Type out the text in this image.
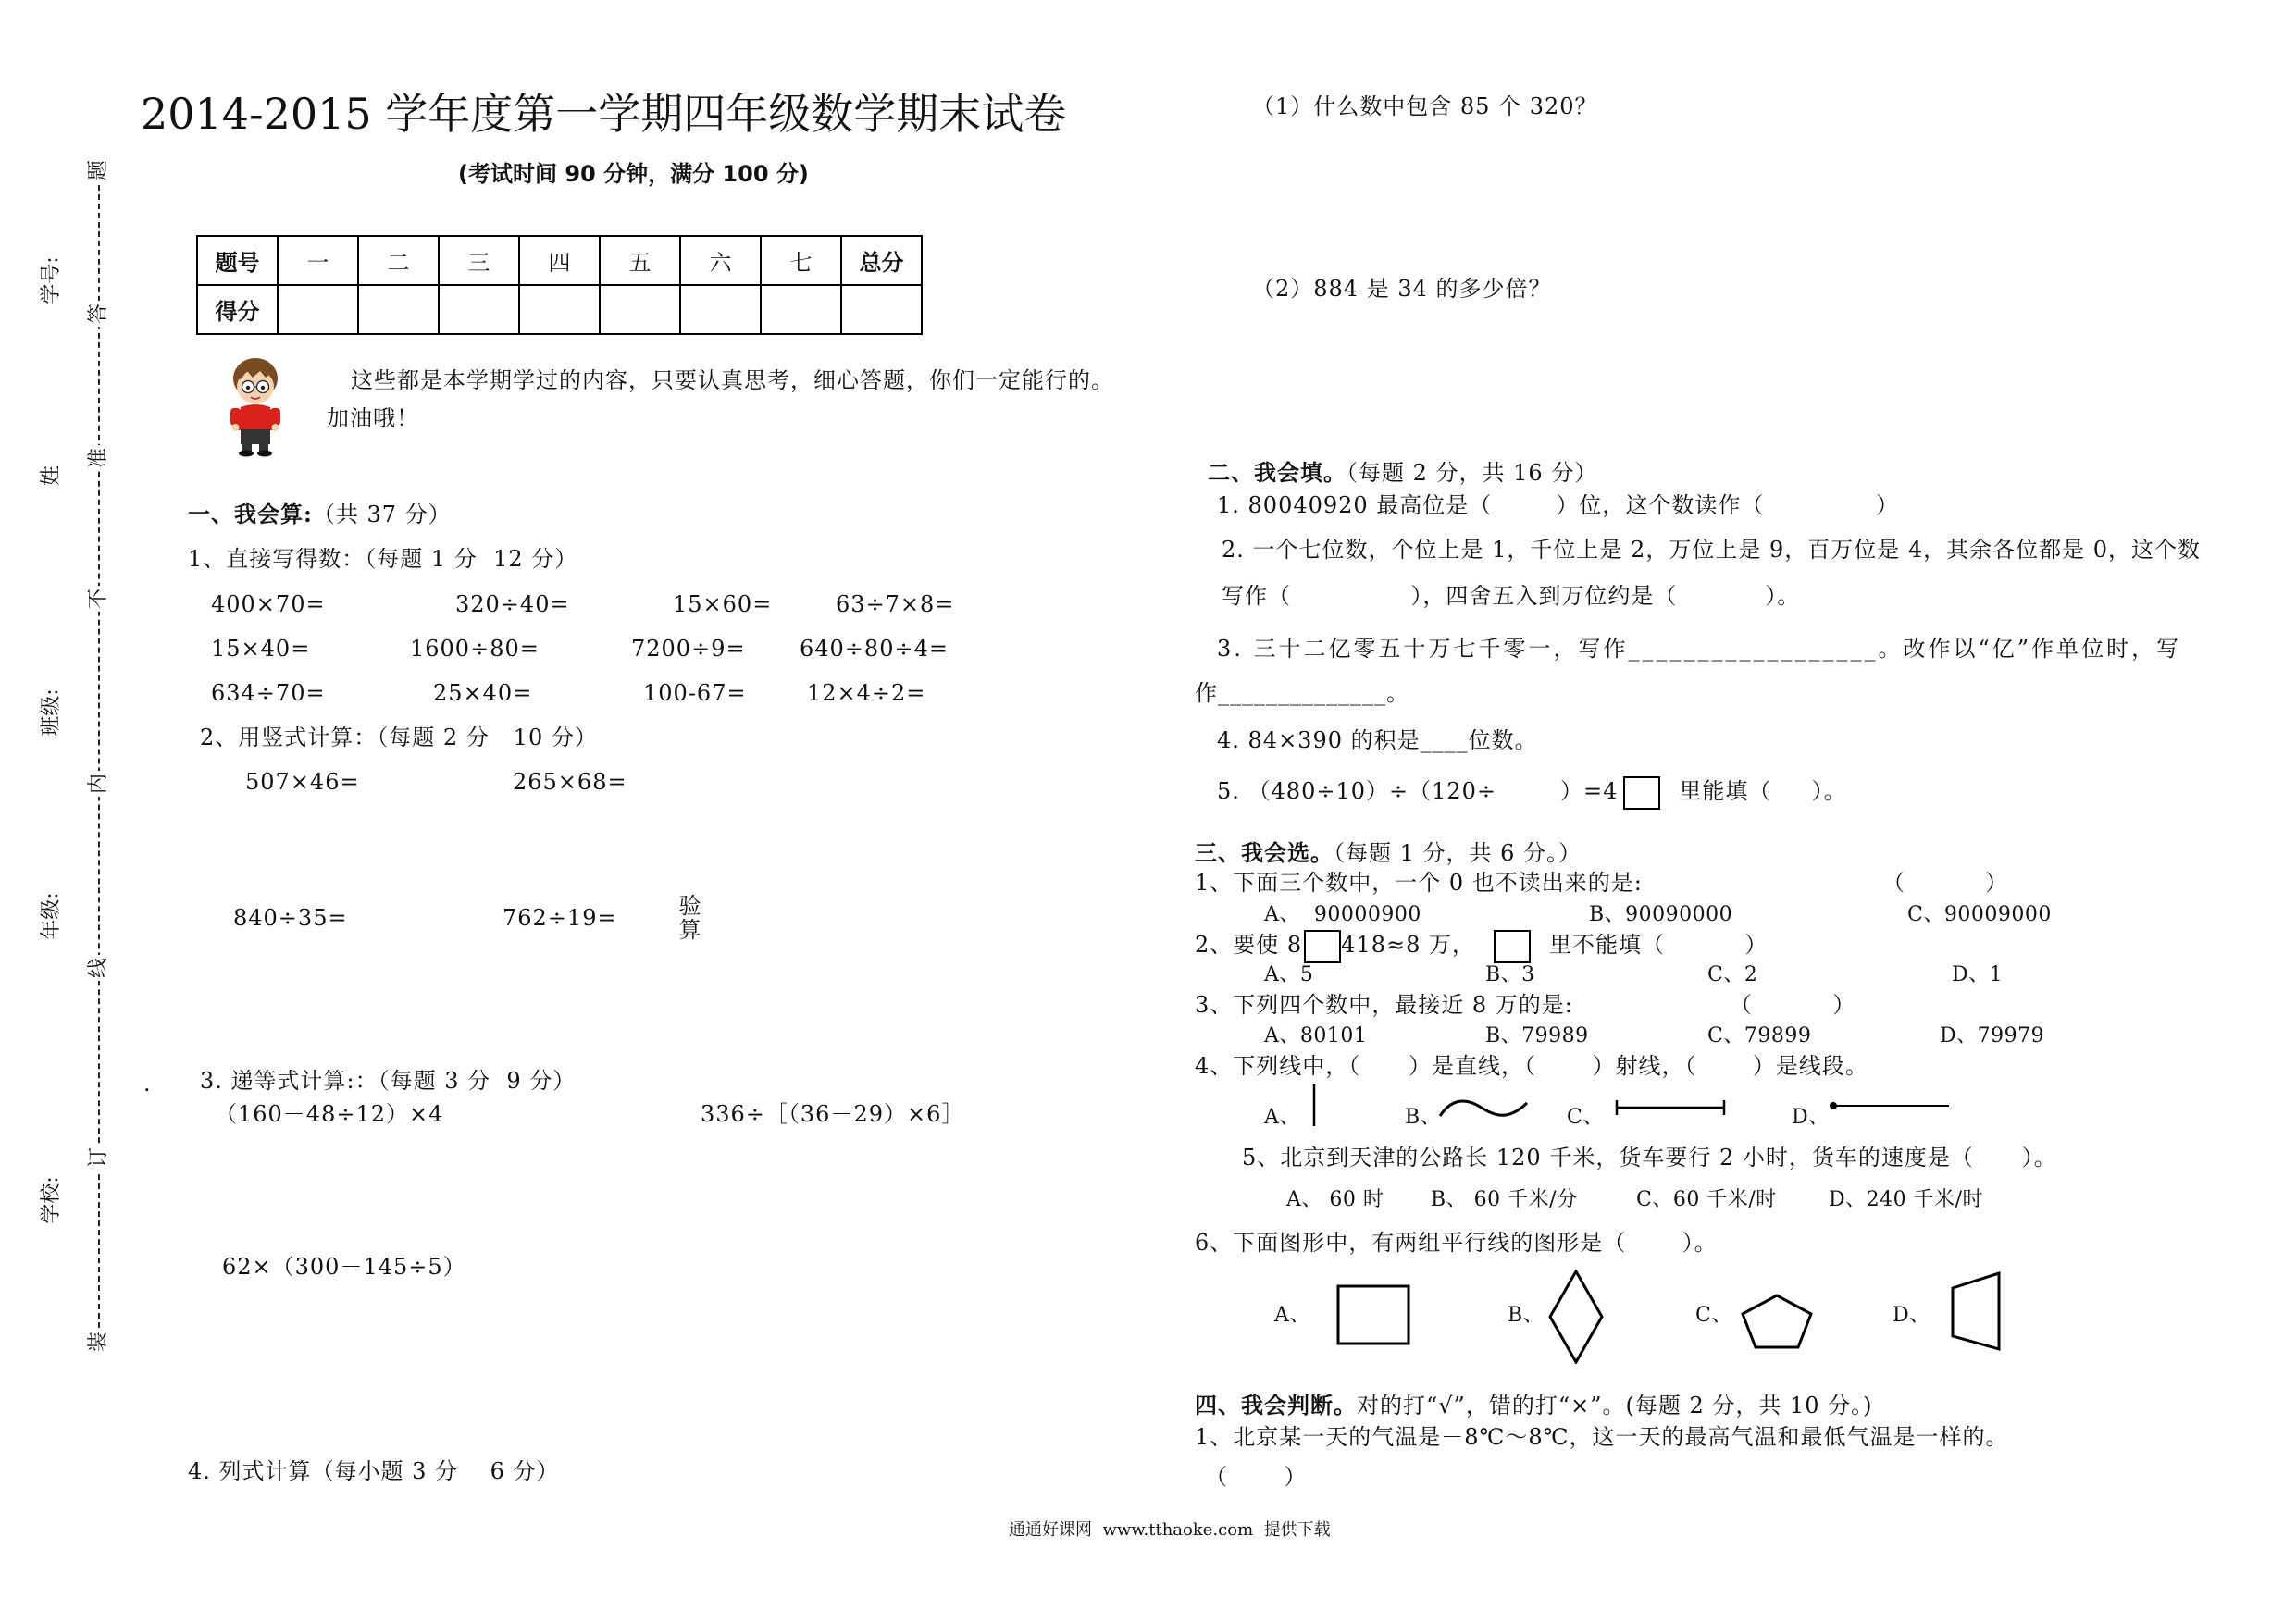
题
答
准
不
内
线
订
装
学号:
姓
班级:
年级:
学校:
2014-2015 学年度第一学期四年级数学期末试卷
(考试时间 90 分钟，满分 100 分)
题号	一	二	三	四	五	六	七	总分
得分								
这些都是本学期学过的内容，只要认真思考，细心答题，你们一定能行的。
加油哦！
一、我会算:（共 37 分）
1、直接写得数：（每题 1 分  12 分）
400×70=	320÷40=	15×60=	63÷7×8=
15×40=	1600÷80=	7200÷9= 640÷80÷4=
634÷70=	25×40=	100-67=	12×4÷2=
2、用竖式计算：（每题 2 分   10 分）
507×46=	265×68=
840÷35=	762÷19=	验算
. 3. 递等式计算:：（每题 3 分  9 分）
（160－48÷12）×4	336÷［（36－29）×6］
62×（300－145÷5）
4. 列式计算（每小题 3 分    6 分）
（1）什么数中包含 85 个 320？
（2）884 是 34 的多少倍？
二、我会填。（每题 2 分，共 16 分）
1. 80040920 最高位是（        ）位，这个数读作（              ）
2. 一个七位数，个位上是 1，千位上是 2，万位上是 9，百万位是 4，其余各位都是 0，这个数
写作（               ），四舍五入到万位约是（           ）。
3. 三十二亿零五十万七千零一，写作__________________。改作以“亿”作单位时，写
作______________。
4. 84×390 的积是____位数。
5. （480÷10）÷（120÷        ）=4	里能填（     ）。
三、我会选。（每题 1 分，共 6 分。）
1、下面三个数中，一个 0 也不读出来的是:	（          ）
A、  90000900	B、90090000	C、90009000
2、要使 8 418≈8 万，	里不能填（          ）
A、5	B、3	C、2	D、1
3、下列四个数中，最接近 8 万的是:	（          ）
A、80101	B、79989	C、79899	D、79979
4、下列线中，（      ）是直线，（       ）射线，（       ）是线段。
A、	B、	C、	D、
5、北京到天津的公路长 120 千米，货车要行 2 小时，货车的速度是（      ）。
A、 60 时 B、 60 千米/分	C、60 千米/时	D、240 千米/时
6、下面图形中，有两组平行线的图形是（       ）。
A、	B、	C、	D、
四、我会判断。对的打“√”，错的打“×”。(每题 2 分，共 10 分。)
1、北京某一天的气温是－8℃～8℃，这一天的最高气温和最低气温是一样的。
（       ）
通通好课网  www.tthaoke.com  提供下载
